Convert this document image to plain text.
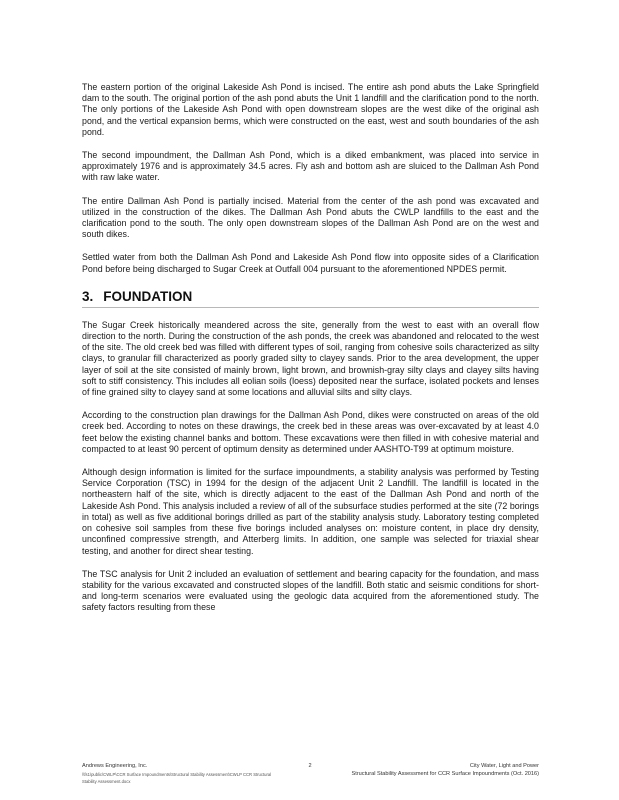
The eastern portion of the original Lakeside Ash Pond is incised. The entire ash pond abuts the Lake Springfield dam to the south. The original portion of the ash pond abuts the Unit 1 landfill and the clarification pond to the north. The only portions of the Lakeside Ash Pond with open downstream slopes are the west dike of the original ash pond, and the vertical expansion berms, which were constructed on the east, west and south boundaries of the ash pond.

The second impoundment, the Dallman Ash Pond, which is a diked embankment, was placed into service in approximately 1976 and is approximately 34.5 acres. Fly ash and bottom ash are sluiced to the Dallman Ash Pond with raw lake water.

The entire Dallman Ash Pond is partially incised. Material from the center of the ash pond was excavated and utilized in the construction of the dikes. The Dallman Ash Pond abuts the CWLP landfills to the east and the clarification pond to the south. The only open downstream slopes of the Dallman Ash Pond are on the west and south dikes.

Settled water from both the Dallman Ash Pond and Lakeside Ash Pond flow into opposite sides of a Clarification Pond before being discharged to Sugar Creek at Outfall 004 pursuant to the aforementioned NPDES permit.

3. FOUNDATION

The Sugar Creek historically meandered across the site, generally from the west to east with an overall flow direction to the north. During the construction of the ash ponds, the creek was abandoned and relocated to the west of the site. The old creek bed was filled with different types of soil, ranging from cohesive soils characterized as silty clays, to granular fill characterized as poorly graded silty to clayey sands. Prior to the area development, the upper layer of soil at the site consisted of mainly brown, light brown, and brownish-gray silty clays and clayey silts having soft to stiff consistency. This includes all eolian soils (loess) deposited near the surface, isolated pockets and lenses of fine grained silty to clayey sand at some locations and alluvial silts and silty clays.

According to the construction plan drawings for the Dallman Ash Pond, dikes were constructed on areas of the old creek bed. According to notes on these drawings, the creek bed in these areas was over-excavated by at least 4.0 feet below the existing channel banks and bottom. These excavations were then filled in with cohesive material and compacted to at least 90 percent of optimum density as determined under AASHTO-T99 at optimum moisture.

Although design information is limited for the surface impoundments, a stability analysis was performed by Testing Service Corporation (TSC) in 1994 for the design of the adjacent Unit 2 Landfill. The landfill is located in the northeastern half of the site, which is directly adjacent to the east of the Dallman Ash Pond and north of the Lakeside Ash Pond. This analysis included a review of all of the subsurface studies performed at the site (72 borings in total) as well as five additional borings drilled as part of the stability analysis study. Laboratory testing completed on cohesive soil samples from these five borings included analyses on: moisture content, in place dry density, unconfined compressive strength, and Atterberg limits. In addition, one sample was selected for triaxial shear testing, and another for direct shear testing.

The TSC analysis for Unit 2 included an evaluation of settlement and bearing capacity for the foundation, and mass stability for the various excavated and constructed slopes of the landfill. Both static and seismic conditions for short- and long-term scenarios were evaluated using the geologic data acquired from the aforementioned study. The safety factors resulting from these

Andrews Engineering, Inc.
\\fs1\public\CWLP\CCR Surface Impoundments\Structural Stability Assessment\CWLP CCR Structural Stability Assessment.docx
2	City Water, Light and Power
Structural Stability Assessment for CCR Surface Impoundments (Oct. 2016)
